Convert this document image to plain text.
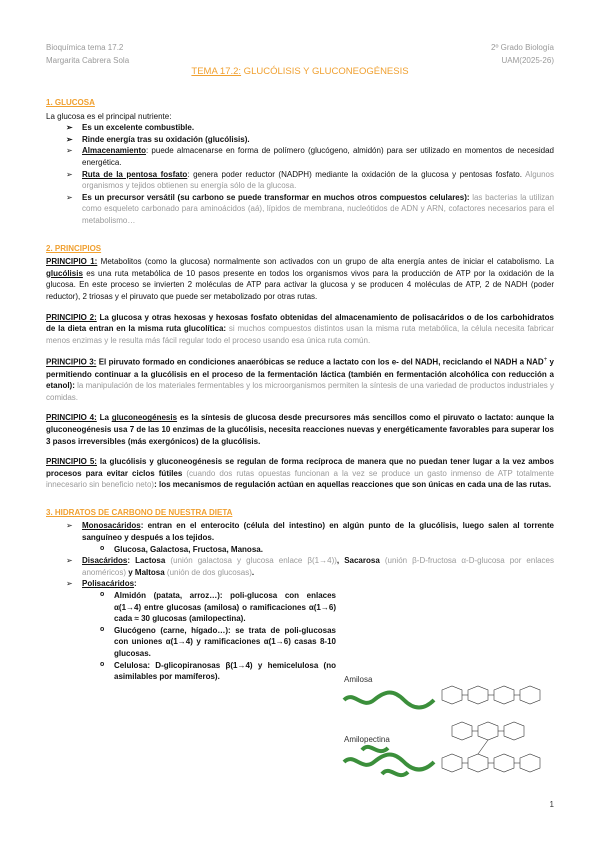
Bioquímica tema 17.2
Margarita Cabrera Sola
2º Grado Biología
UAM(2025-26)
TEMA 17.2: GLUCÓLISIS Y GLUCONEOGÉNESIS
1. GLUCOSA

La glucosa es el principal nutriente:

➢ Es un excelente combustible.
➢ Rinde energía tras su oxidación (glucólisis).
➢ Almacenamiento: puede almacenarse en forma de polímero (glucógeno, almidón) para ser utilizado en momentos de necesidad energética.
➢ Ruta de la pentosa fosfato: genera poder reductor (NADPH) mediante la oxidación de la glucosa y pentosas fosfato. Algunos organismos y tejidos obtienen su energía sólo de la glucosa.
➢ Es un precursor versátil (su carbono se puede transformar en muchos otros compuestos celulares): las bacterias la utilizan como esqueleto carbonado para aminoácidos (aá), lípidos de membrana, nucleótidos de ADN y ARN, cofactores necesarios para el metabolismo…
2. PRINCIPIOS

PRINCIPIO 1: Metabolitos (como la glucosa) normalmente son activados con un grupo de alta energía antes de iniciar el catabolismo. La glucólisis es una ruta metabólica de 10 pasos presente en todos los organismos vivos para la producción de ATP por la oxidación de la glucosa. En este proceso se invierten 2 moléculas de ATP para activar la glucosa y se producen 4 moléculas de ATP, 2 de NADH (poder reductor), 2 triosas y el piruvato que puede ser metabolizado por otras rutas.

PRINCIPIO 2: La glucosa y otras hexosas y hexosas fosfato obtenidas del almacenamiento de polisacáridos o de los carbohidratos de la dieta entran en la misma ruta glucolítica: si muchos compuestos distintos usan la misma ruta metabólica, la célula necesita fabricar menos enzimas y le resulta más fácil regular todo el proceso usando esa única ruta común.

PRINCIPIO 3: El piruvato formado en condiciones anaeróbicas se reduce a lactato con los e- del NADH, reciclando el NADH a NAD+ y permitiendo continuar a la glucólisis en el proceso de la fermentación láctica (también en fermentación alcohólica con reducción a etanol): la manipulación de los materiales fermentables y los microorganismos permiten la síntesis de una variedad de productos industriales y comidas.

PRINCIPIO 4: La gluconeogénesis es la síntesis de glucosa desde precursores más sencillos como el piruvato o lactato: aunque la gluconeogénesis usa 7 de las 10 enzimas de la glucólisis, necesita reacciones nuevas y energéticamente favorables para superar los 3 pasos irreversibles (más exergónicos) de la glucólisis.

PRINCIPIO 5: la glucólisis y gluconeogénesis se regulan de forma recíproca de manera que no puedan tener lugar a la vez ambos procesos para evitar ciclos fútiles (cuando dos rutas opuestas funcionan a la vez se produce un gasto inmenso de ATP totalmente innecesario sin beneficio neto): los mecanismos de regulación actúan en aquellas reacciones que son únicas en cada una de las rutas.

3. HIDRATOS DE CARBONO DE NUESTRA DIETA
➢ Monosacáridos: entran en el enterocito (célula del intestino) en algún punto de la glucólisis, luego salen al torrente sanguíneo y después a los tejidos.
o Glucosa, Galactosa, Fructosa, Manosa.
➢ Disacáridos: Lactosa (unión galactosa y glucosa enlace β(1→4)), Sacarosa (unión β-D-fructosa α-D-glucosa por enlaces anoméricos) y Maltosa (unión de dos glucosas).
➢ Polisacáridos:
o Almidón (patata, arroz…): poli-glucosa con enlaces α(1→4) entre glucosas (amilosa) o ramificaciones α(1→6) cada ≈ 30 glucosas (amilopectina).
o Glucógeno (carne, hígado…): se trata de poli-glucosas con uniones α(1→4) y ramificaciones α(1→6) casas 8-10 glucosas.
o Celulosa: D-glicopiranosas β(1→4) y hemicelulosa (no asimilables por mamíferos).	Amilosa
Amilopectina
1
